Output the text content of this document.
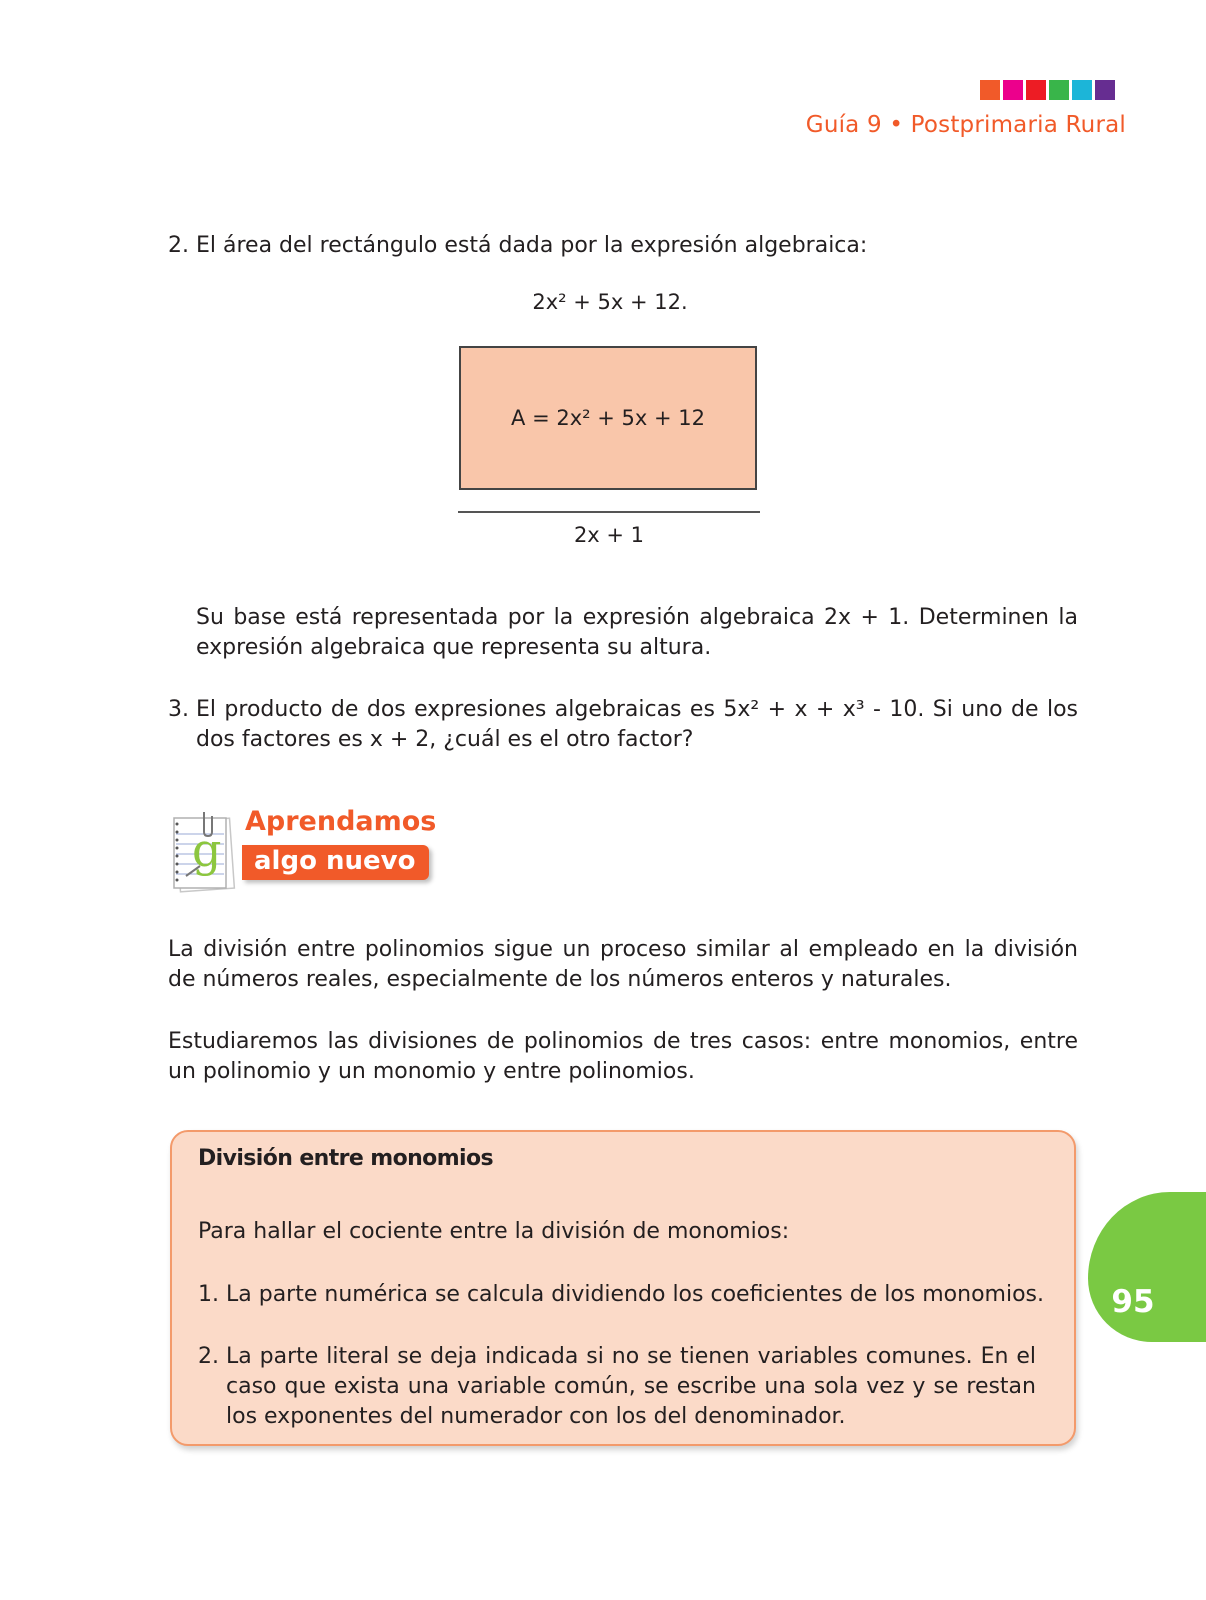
Guía 9 • Postprimaria Rural
2. El área del rectángulo está dada por la expresión algebraica:
2x² + 5x + 12.
A = 2x² + 5x + 12
2x + 1
Su base está representada por la expresión algebraica 2x + 1. Determinen la expresión algebraica que representa su altura.
3. El producto de dos expresiones algebraicas es 5x² + x + x³ - 10. Si uno de los dos factores es x + 2, ¿cuál es el otro factor?
g
Aprendamos
algo nuevo
La división entre polinomios sigue un proceso similar al empleado en la división de números reales, especialmente de los números enteros y naturales.
Estudiaremos las divisiones de polinomios de tres casos: entre monomios, entre un polinomio y un monomio y entre polinomios.
División entre monomios
Para hallar el cociente entre la división de monomios:
1. La parte numérica se calcula dividiendo los coeficientes de los monomios.
2. La parte literal se deja indicada si no se tienen variables comunes. En el caso que exista una variable común, se escribe una sola vez y se restan los exponentes del numerador con los del denominador.
95
